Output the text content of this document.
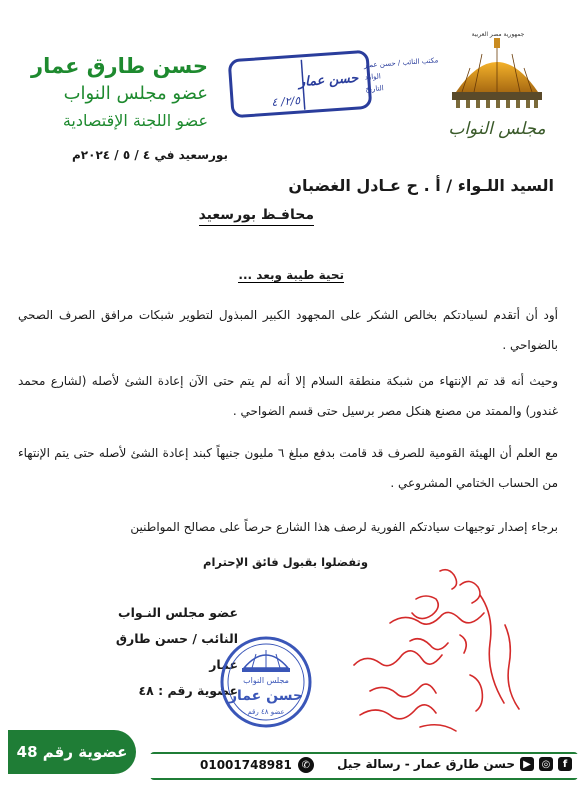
حسن طارق عمار
عضو مجلس النواب
عضو اللجنة الإقتصادية
بورسعيد في ٤ / ٥ / ٢٠٢٤م
مكتب النائب / حسن عمار
الوارد
التاريخ
حسن عمار
٢/٥/ ٤
جمهورية مصر العربية
مجلس النواب
السيد اللـواء / أ . ح عـادل الغضبان
محافـظ بورسعيد
تحية طيبة وبعد ...
أود أن أتقدم لسيادتكم بخالص الشكر على المجهود الكبير المبذول لتطوير شبكات مرافق الصرف الصحي بالضواحي .
وحيث أنه قد تم الإنتهاء من شبكة منطقة السلام إلا أنه لم يتم حتى الآن إعادة الشئ لأصله (لشارع محمد غندور) والممتد من مصنع هنكل مصر برسيل حتى قسم الضواحي .
مع العلم أن الهيئة القومية للصرف قد قامت بدفع مبلغ ٦ مليون جنيهاً كبند إعادة الشئ لأصله حتى يتم الإنتهاء من الحساب الختامي المشروعي .
برجاء إصدار توجيهات سيادتكم الفورية لرصف هذا الشارع حرصاً على مصالح المواطنين
وتفضلوا بقبول فائق الإحترام
عضو مجلس النـواب
النائب / حسن طارق عمار
عضوية رقم : ٤٨
مجلس النواب
حسن عمار
عضو ٤٨ رقم
عضوية رقم 48
01001748981 ✆	f
◎
▶
حسن طارق عمار - رسالة جيل
